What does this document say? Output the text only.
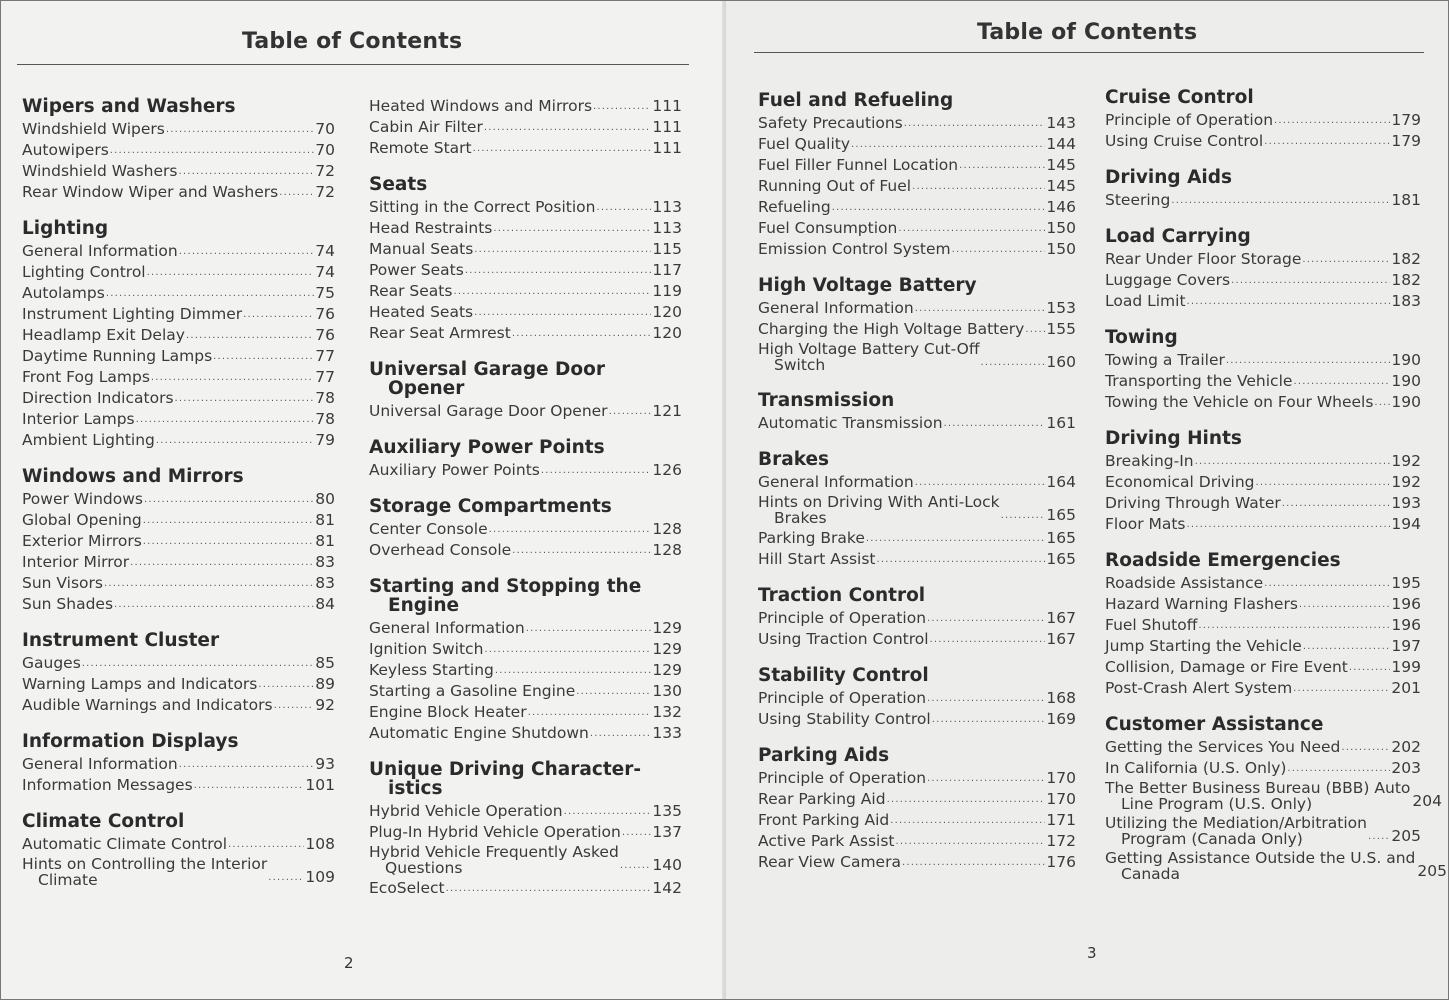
Table of Contents
Wipers and Washers
Windshield Wipers .....	70
Autowipers .....	70
Windshield Washers .....	72
Rear Window Wiper and Washers ..... 72
Lighting
General Information .....	74
Lighting Control .....	74
Autolamps .....	75
Instrument Lighting Dimmer .....	76
Headlamp Exit Delay .....	76
Daytime Running Lamps .....	77
Front Fog Lamps .....	77
Direction Indicators .....	78
Interior Lamps .....	78
Ambient Lighting .....	79
Windows and Mirrors
Power Windows .....	80
Global Opening .....	81
Exterior Mirrors .....	81
Interior Mirror .....	83
Sun Visors .....	83
Sun Shades .....	84
Instrument Cluster
Gauges .....	85
Warning Lamps and Indicators .....	89
Audible Warnings and Indicators .....	92
Information Displays
General Information .....	93
Information Messages .....	101
Climate Control
Automatic Climate Control .....	108
Hints on Controlling the Interior
Climate .....	109
Heated Windows and Mirrors .....	111
Cabin Air Filter .....	111
Remote Start .....	111
Seats
Sitting in the Correct Position .....	113
Head Restraints .....	113
Manual Seats .....	115
Power Seats .....	117
Rear Seats .....	119
Heated Seats .....	120
Rear Seat Armrest .....	120
Universal Garage Door
Opener
Universal Garage Door Opener .....	121
Auxiliary Power Points
Auxiliary Power Points .....	126
Storage Compartments
Center Console .....	128
Overhead Console .....	128
Starting and Stopping the
Engine
General Information .....	129
Ignition Switch .....	129
Keyless Starting .....	129
Starting a Gasoline Engine .....	130
Engine Block Heater .....	132
Automatic Engine Shutdown .....	133
Unique Driving Character-
istics
Hybrid Vehicle Operation .....	135
Plug-In Hybrid Vehicle Operation ..... 137
Hybrid Vehicle Frequently Asked
Questions .....	140
EcoSelect .....	142
2
Table of Contents
Fuel and Refueling
Safety Precautions .....	143
Fuel Quality .....	144
Fuel Filler Funnel Location .....	145
Running Out of Fuel .....	145
Refueling .....	146
Fuel Consumption .....	150
Emission Control System .....	150
High Voltage Battery
General Information .....	153
Charging the High Voltage Battery ..... 155
High Voltage Battery Cut-Off
Switch .....	160
Transmission
Automatic Transmission .....	161
Brakes
General Information .....	164
Hints on Driving With Anti-Lock
Brakes .....	165
Parking Brake .....	165
Hill Start Assist .....	165
Traction Control
Principle of Operation .....	167
Using Traction Control .....	167
Stability Control
Principle of Operation .....	168
Using Stability Control .....	169
Parking Aids
Principle of Operation .....	170
Rear Parking Aid .....	170
Front Parking Aid .....	171
Active Park Assist .....	172
Rear View Camera .....	176
Cruise Control
Principle of Operation .....	179
Using Cruise Control .....	179
Driving Aids
Steering .....	181
Load Carrying
Rear Under Floor Storage .....	182
Luggage Covers .....	182
Load Limit .....	183
Towing
Towing a Trailer .....	190
Transporting the Vehicle .....	190
Towing the Vehicle on Four Wheels ..... 190
Driving Hints
Breaking-In .....	192
Economical Driving .....	192
Driving Through Water .....	193
Floor Mats .....	194
Roadside Emergencies
Roadside Assistance .....	195
Hazard Warning Flashers .....	196
Fuel Shutoff .....	196
Jump Starting the Vehicle .....	197
Collision, Damage or Fire Event .....	199
Post-Crash Alert System .....	201
Customer Assistance
Getting the Services You Need .....	202
In California (U.S. Only) .....	203
The Better Business Bureau (BBB) Auto
Line Program (U.S. Only)	204
Utilizing the Mediation/Arbitration
Program (Canada Only) .....	205
Getting Assistance Outside the U.S. and
Canada	205
3
